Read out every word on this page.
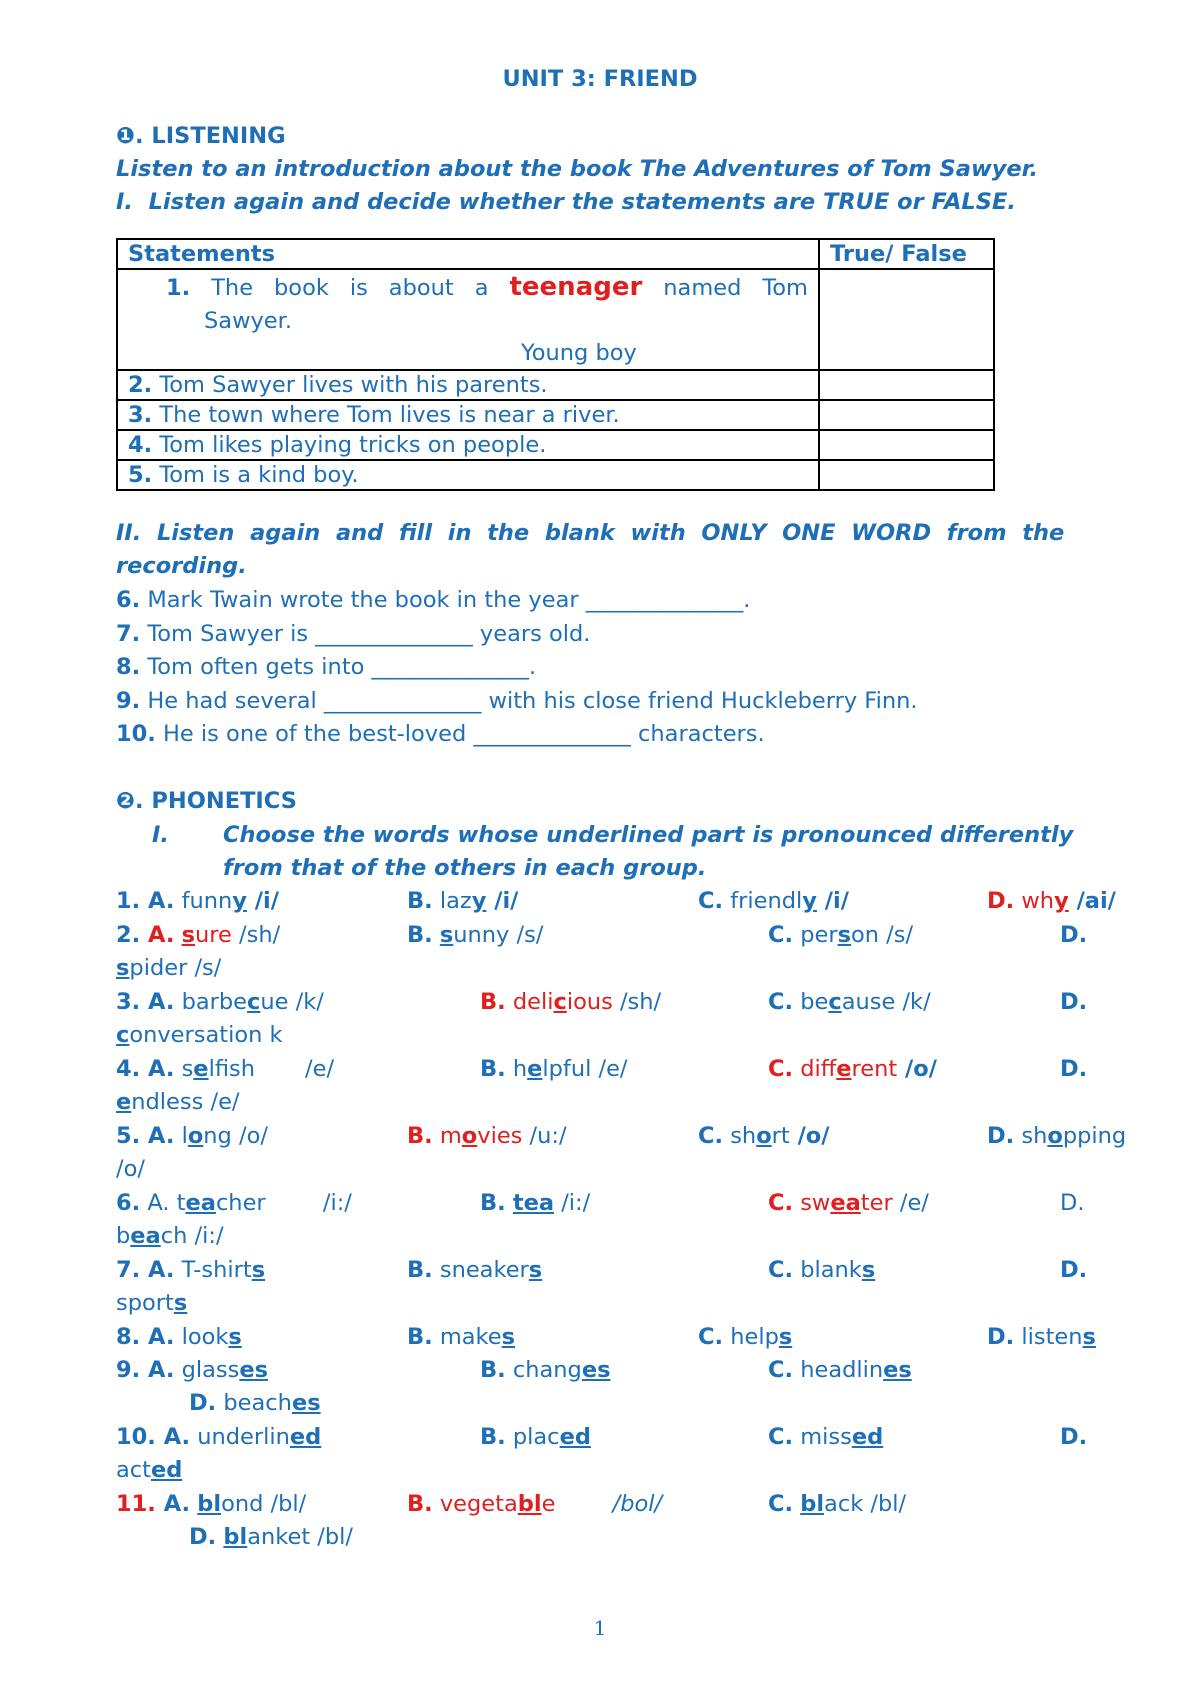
UNIT 3: FRIEND
❶. LISTENING
Listen to an introduction about the book The Adventures of Tom Sawyer.
I.  Listen again and decide whether the statements are TRUE or FALSE.
Statements	True/ False

1. The book is about a teenager named Tom
Sawyer.
Young boy	

2. Tom Sawyer lives with his parents.	
3. The town where Tom lives is near a river.	
4. Tom likes playing tricks on people.	
5. Tom is a kind boy.	
II.  Listen  again  and  fill  in  the  blank  with  ONLY  ONE  WORD  from  the
recording.
6. Mark Twain wrote the book in the year ______________.
7. Tom Sawyer is ______________ years old.
8. Tom often gets into ______________.
9. He had several ______________ with his close friend Huckleberry Finn.
10. He is one of the best-loved ______________ characters.
❷. PHONETICS
I. Choose the words whose underlined part is pronounced differently
from that of the others in each group.
1. A. funny /i/	B. lazy /i/	C. friendly /i/	D. why /ai/
2. A. sure /sh/	B. sunny /s/	C. person /s/	D.
spider /s/
3. A. barbecue /k/	B. delicious /sh/	C. because /k/	D.
conversation k
4. A. selfish       /e/	B. helpful /e/	C. different /o/	D.
endless /e/
5. A. long /o/	B. movies /u:/	C. short /o/	D. shopping
/o/
6. A. teacher        /i:/	B. tea /i:/	C. sweater /e/	D.
beach /i:/
7. A. T-shirts	B. sneakers	C. blanks	D.
sports
8. A. looks	B. makes	C. helps	D. listens
9. A. glasses	B. changes	C. headlines
D. beaches
10. A. underlined	B. placed	C. missed	D.
acted
11. A. blond /bl/	B. vegetable        /bol/	C. black /bl/
D. blanket /bl/
1
